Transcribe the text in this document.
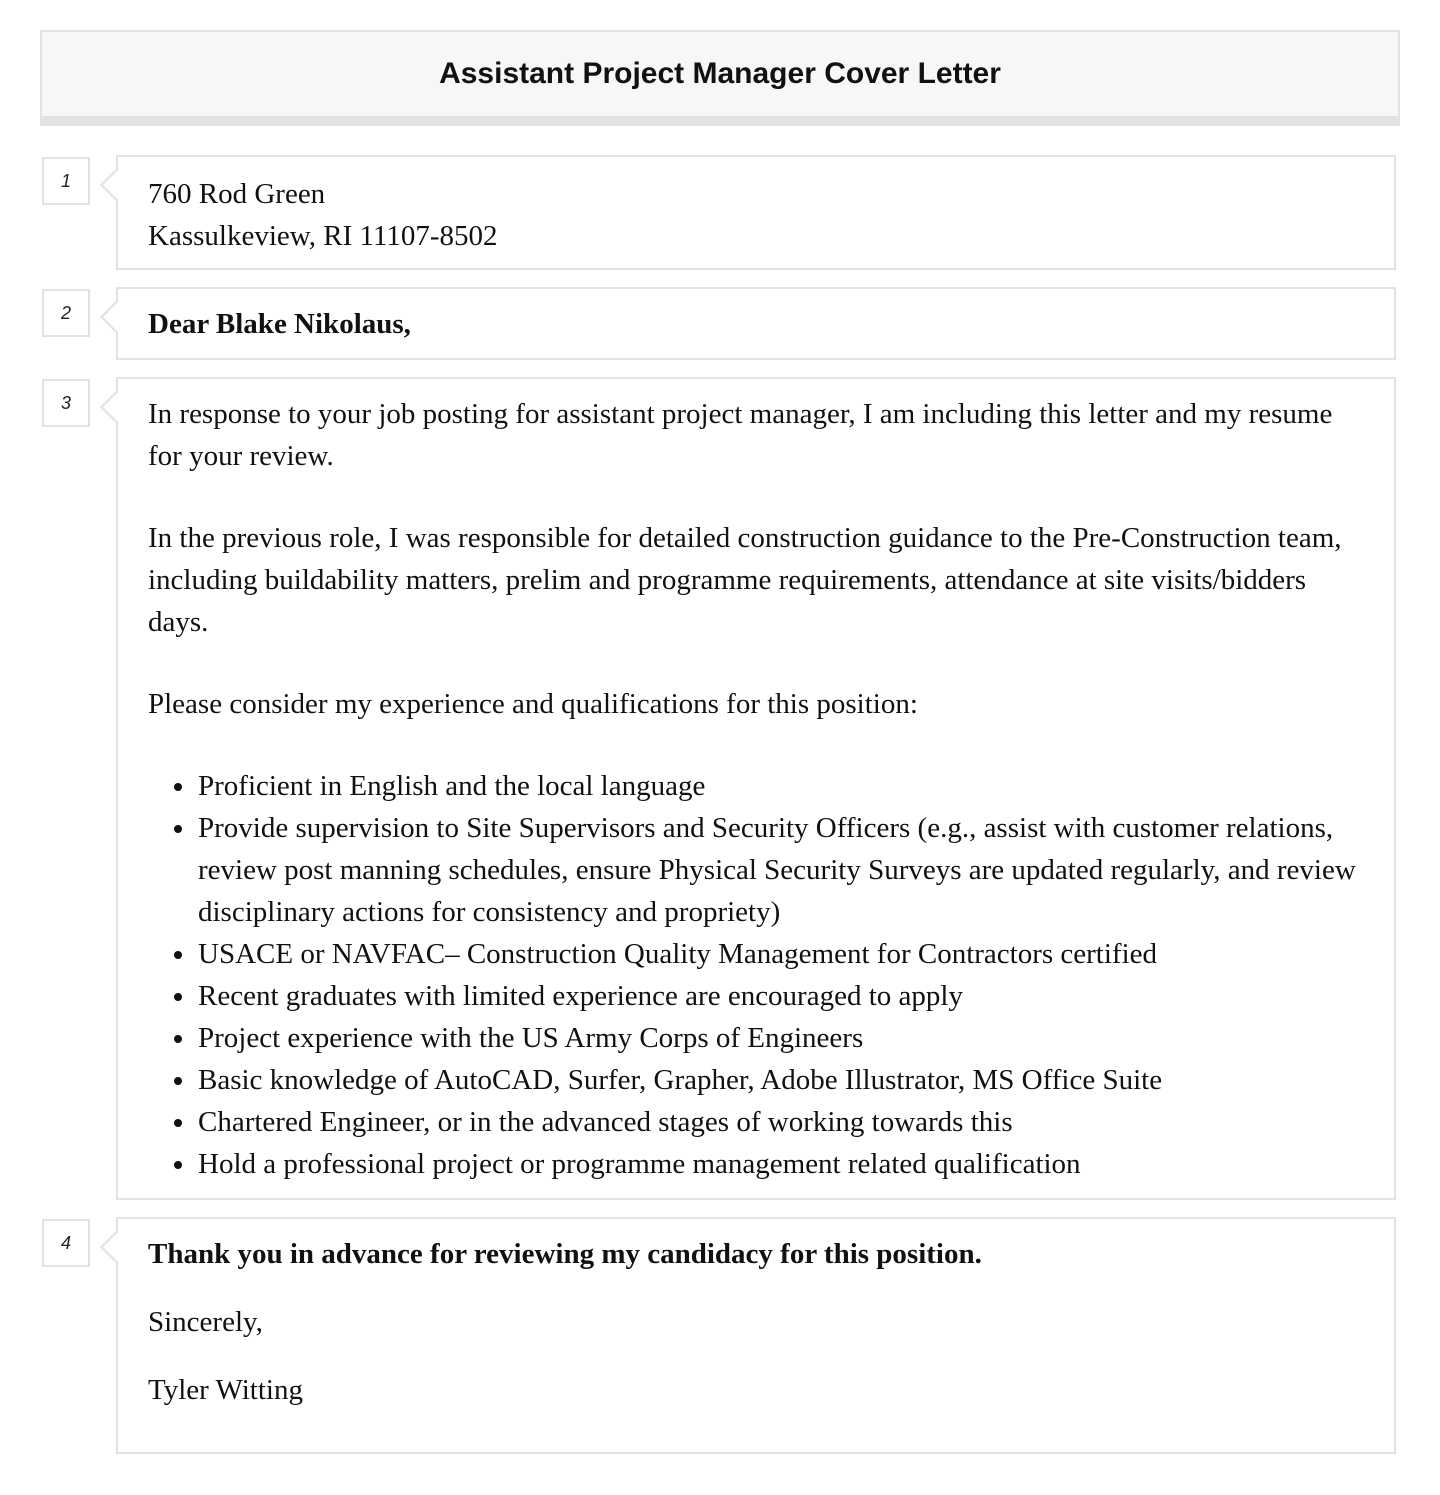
Assistant Project Manager Cover Letter
1	760 Rod Green
Kassulkeview, RI 11107-8502
2	Dear Blake Nikolaus,
3	In response to your job posting for assistant project manager, I am including this letter and my resume for your review.

In the previous role, I was responsible for detailed construction guidance to the Pre-Construction team, including buildability matters, prelim and programme requirements, attendance at site visits/bidders days.

Please consider my experience and qualifications for this position:

Proficient in English and the local language
Provide supervision to Site Supervisors and Security Officers (e.g., assist with customer relations, review post manning schedules, ensure Physical Security Surveys are updated regularly, and review disciplinary actions for consistency and propriety)
USACE or NAVFAC– Construction Quality Management for Contractors certified
Recent graduates with limited experience are encouraged to apply
Project experience with the US Army Corps of Engineers
Basic knowledge of AutoCAD, Surfer, Grapher, Adobe Illustrator, MS Office Suite
Chartered Engineer, or in the advanced stages of working towards this
Hold a professional project or programme management related qualification
4	Thank you in advance for reviewing my candidacy for this position.
Sincerely,
Tyler Witting
